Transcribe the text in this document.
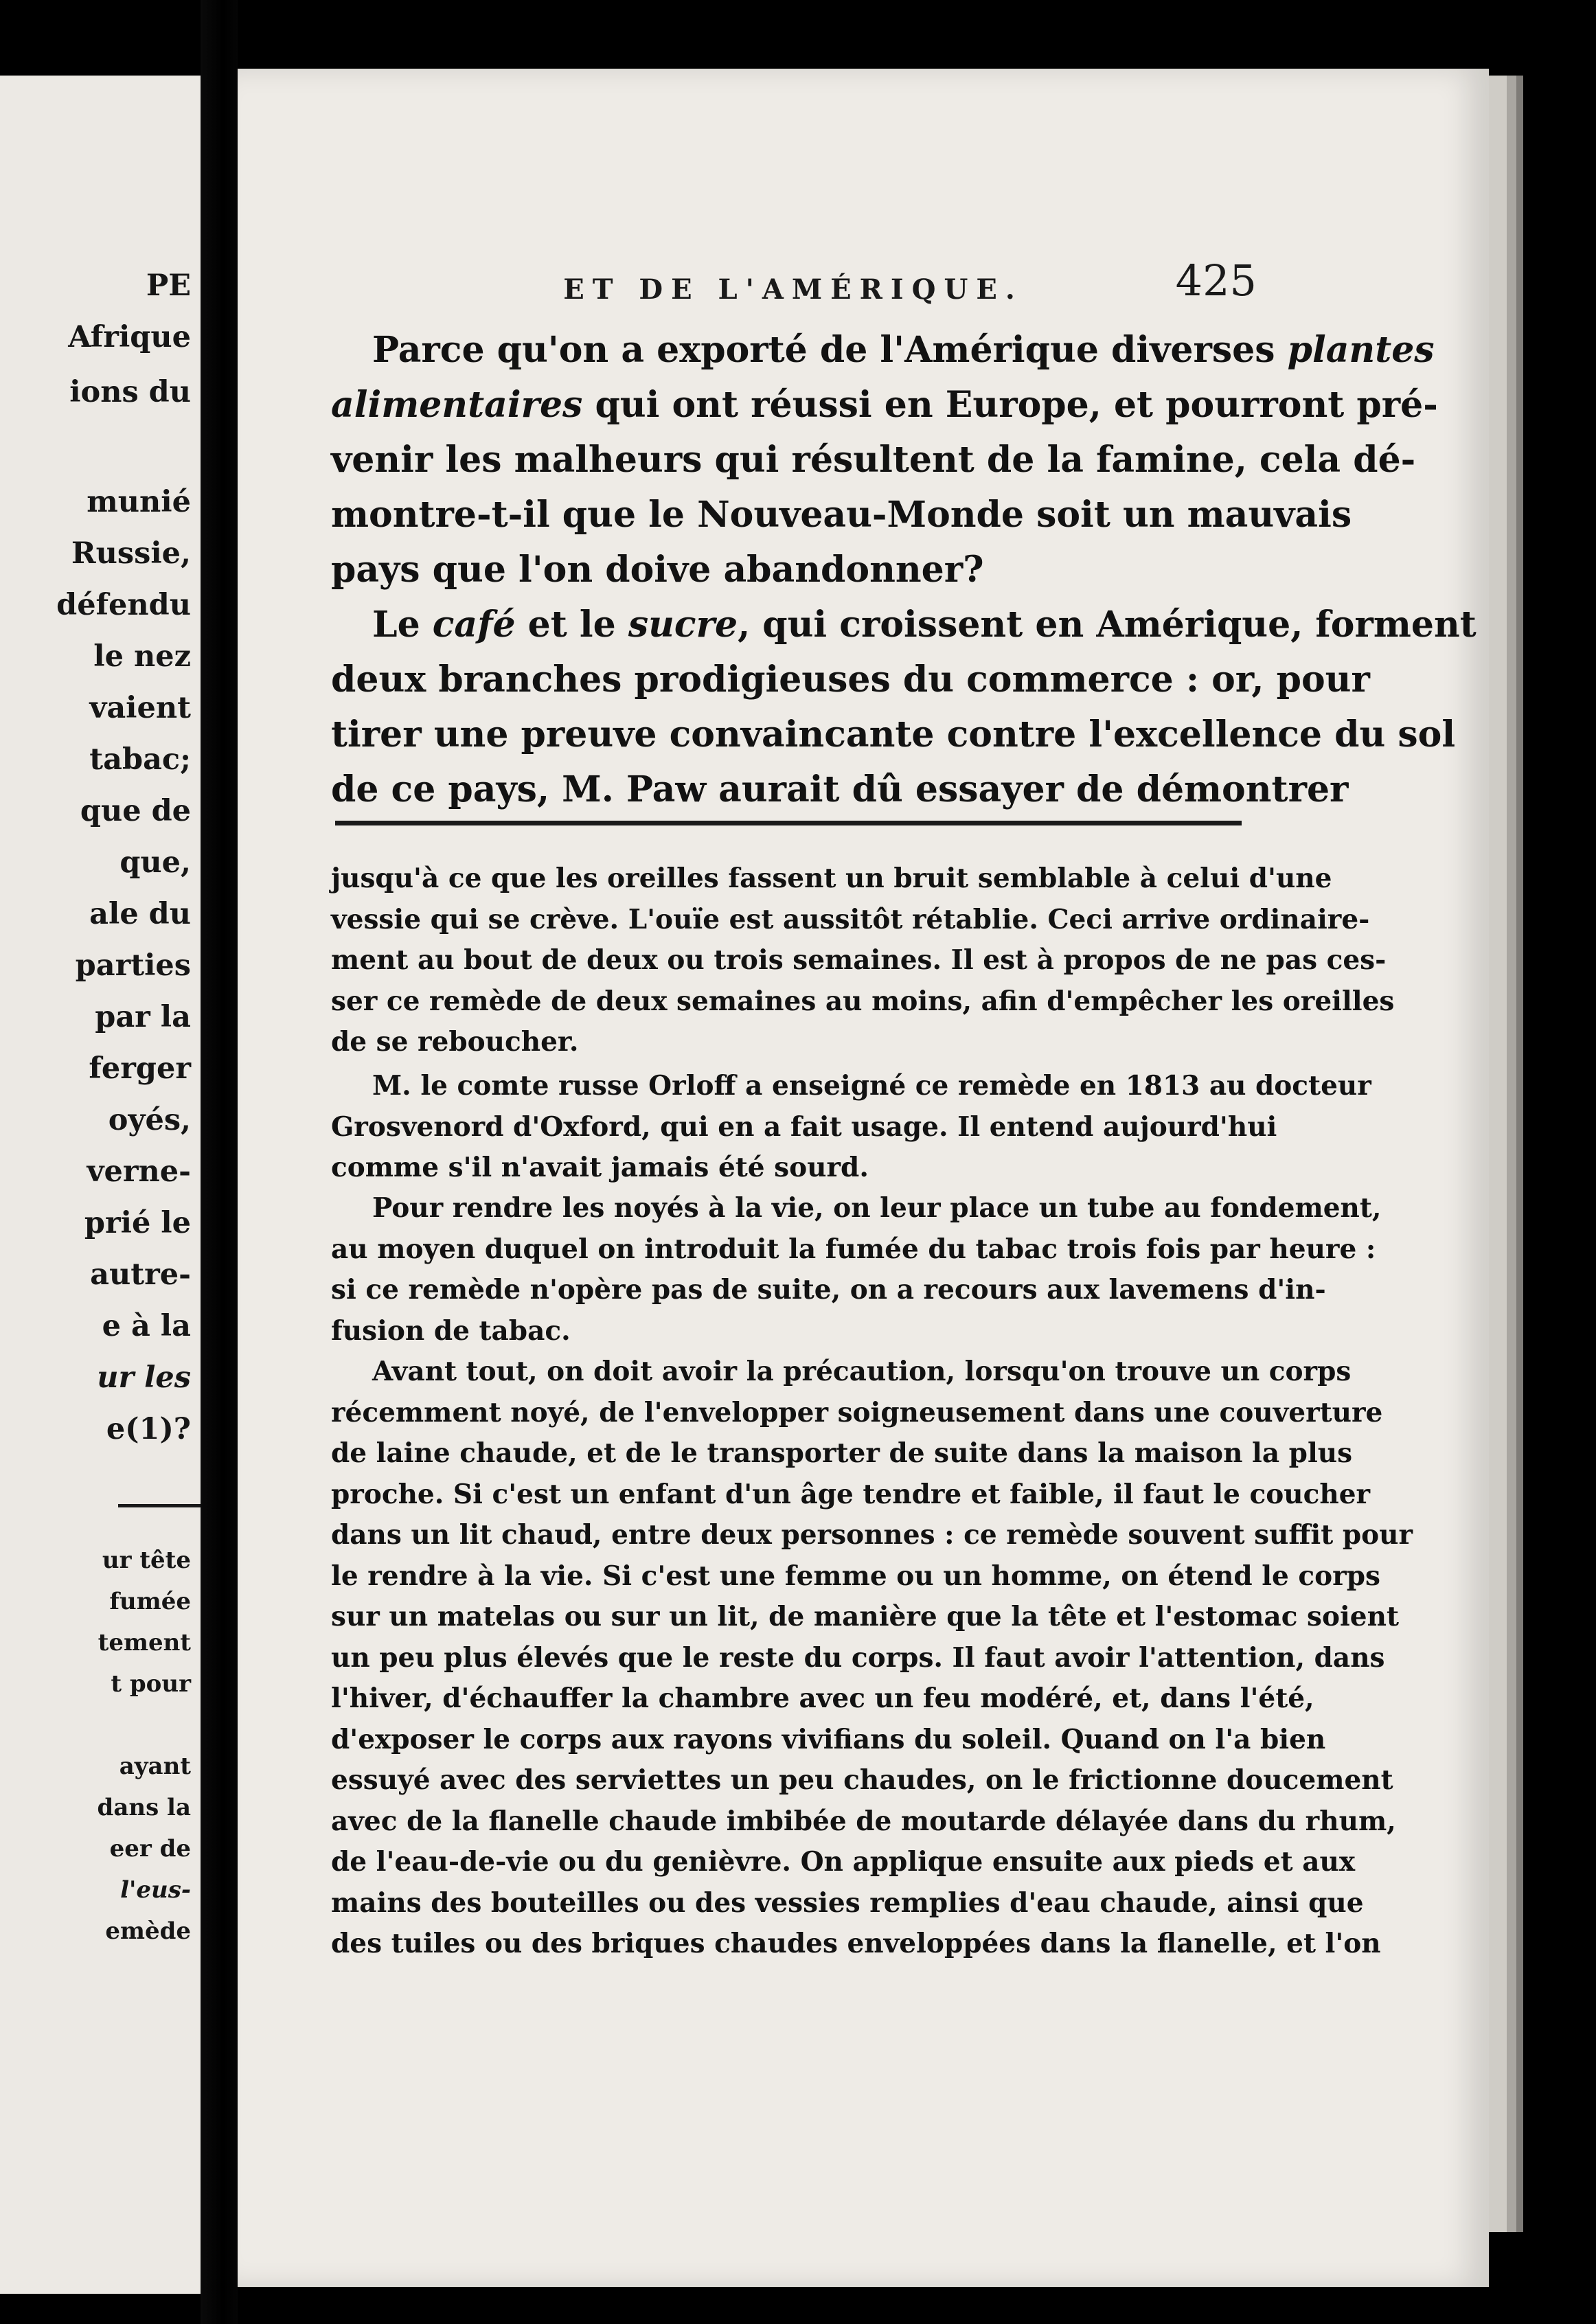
PE
Afrique
ions du
munié
Russie,
défendu
le nez
vaient
tabac;
que de
que,
ale du
parties
par la
ferger
oyés,
verne-
prié le
autre-
e à la
ur les
e(1)?
ur tête
fumée
tement
t pour
ayant
dans la
eer de
l'eus-
emède
ET DE L'AMÉRIQUE.	425
Parce qu'on a exporté de l'Amérique diverses plantes
alimentaires qui ont réussi en Europe, et pourront pré-
venir les malheurs qui résultent de la famine, cela dé-
montre-t-il que le Nouveau-Monde soit un mauvais
pays que l'on doive abandonner?
Le café et le sucre, qui croissent en Amérique, forment
deux branches prodigieuses du commerce : or, pour
tirer une preuve convaincante contre l'excellence du sol
de ce pays, M. Paw aurait dû essayer de démontrer
jusqu'à ce que les oreilles fassent un bruit semblable à celui d'une
vessie qui se crève. L'ouïe est aussitôt rétablie. Ceci arrive ordinaire-
ment au bout de deux ou trois semaines. Il est à propos de ne pas ces-
ser ce remède de deux semaines au moins, afin d'empêcher les oreilles
de se reboucher.
M. le comte russe Orloff a enseigné ce remède en 1813 au docteur
Grosvenord d'Oxford, qui en a fait usage. Il entend aujourd'hui
comme s'il n'avait jamais été sourd.
Pour rendre les noyés à la vie, on leur place un tube au fondement,
au moyen duquel on introduit la fumée du tabac trois fois par heure :
si ce remède n'opère pas de suite, on a recours aux lavemens d'in-
fusion de tabac.
Avant tout, on doit avoir la précaution, lorsqu'on trouve un corps
récemment noyé, de l'envelopper soigneusement dans une couverture
de laine chaude, et de le transporter de suite dans la maison la plus
proche. Si c'est un enfant d'un âge tendre et faible, il faut le coucher
dans un lit chaud, entre deux personnes : ce remède souvent suffit pour
le rendre à la vie. Si c'est une femme ou un homme, on étend le corps
sur un matelas ou sur un lit, de manière que la tête et l'estomac soient
un peu plus élevés que le reste du corps. Il faut avoir l'attention, dans
l'hiver, d'échauffer la chambre avec un feu modéré, et, dans l'été,
d'exposer le corps aux rayons vivifians du soleil. Quand on l'a bien
essuyé avec des serviettes un peu chaudes, on le frictionne doucement
avec de la flanelle chaude imbibée de moutarde délayée dans du rhum,
de l'eau-de-vie ou du genièvre. On applique ensuite aux pieds et aux
mains des bouteilles ou des vessies remplies d'eau chaude, ainsi que
des tuiles ou des briques chaudes enveloppées dans la flanelle, et l'on
